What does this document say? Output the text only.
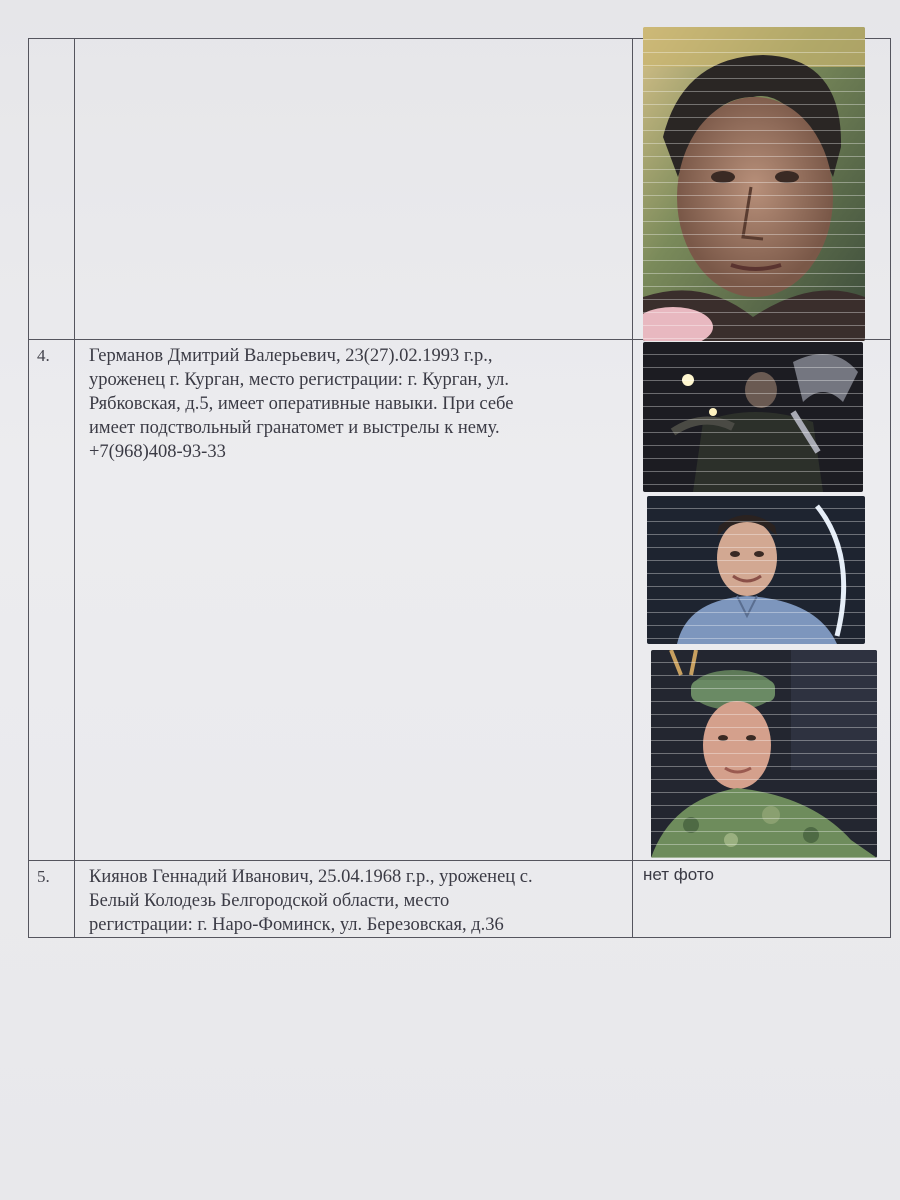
4.	Германов Дмитрий Валерьевич, 23(27).02.1993 г.р.,
уроженец г. Курган, место регистрации: г. Курган, ул.
Рябковская, д.5, имеет оперативные навыки. При себе
имеет подствольный гранатомет и выстрелы к нему.
+7(968)408-93-33

5.	Киянов Геннадий Иванович, 25.04.1968 г.р., уроженец с.
Белый Колодезь Белгородской области, место
регистрации: г. Наро-Фоминск, ул. Березовская, д.36	нет фото
